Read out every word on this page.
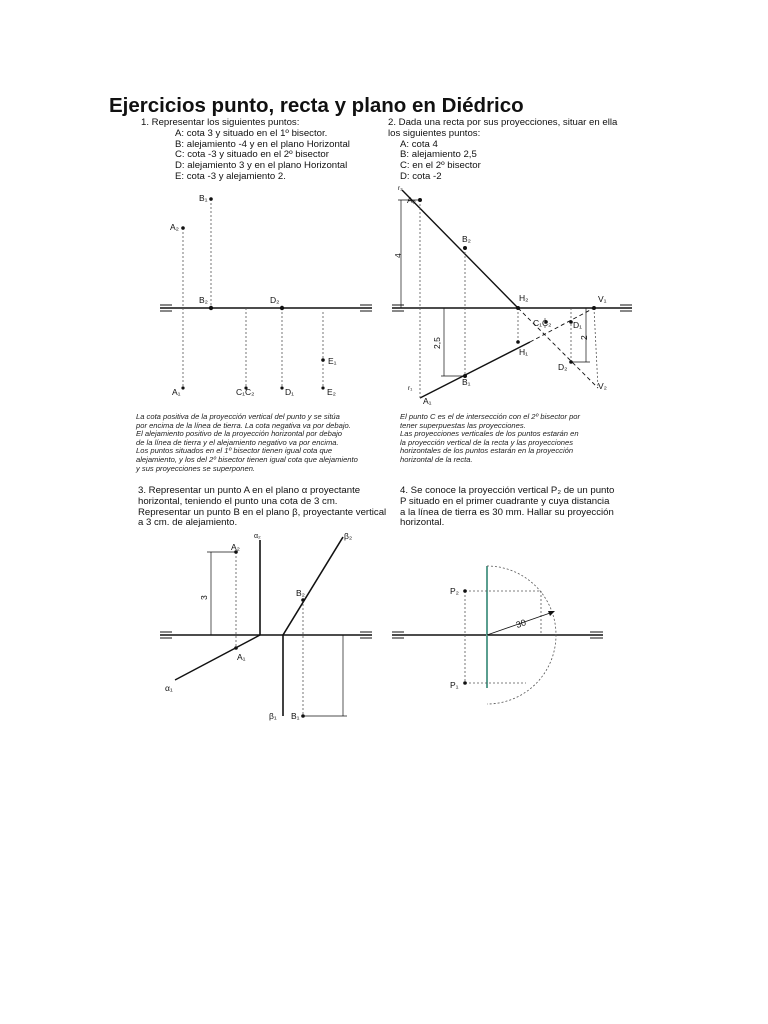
Ejercicios punto, recta y plano en Diédrico
1. Representar los siguientes puntos:
A: cota 3 y situado en el 1º bisector.
B: alejamiento -4 y en el plano Horizontal
C: cota -3 y situado en el 2º bisector
D: alejamiento 3 y en el plano Horizontal
E: cota -3 y alejamiento 2.
2. Dada una recta por sus proyecciones, situar en ella
los siguientes puntos:
A: cota 4
B: alejamiento 2,5
C: en el 2º bisector
D: cota -2
La cota positiva de la proyección vertical del punto y se sitúa
por encima de la línea de tierra. La cota negativa va por debajo.
El alejamiento positivo de la proyección horizontal por debajo
de la línea de tierra y el alejamiento negativo va por encima.
Los puntos situados en el 1º bisector tienen igual cota que
alejamiento, y los del 2º bisector tienen igual cota que alejamiento
y sus proyecciones se superponen.
El punto C es el de intersección con el 2º bisector por
tener superpuestas las proyecciones.
Las proyecciones verticales de los puntos estarán en
la proyección vertical de la recta y las proyecciones
horizontales de los puntos estarán en la proyección
horizontal de la recta.
3. Representar un punto A en el plano α proyectante
horizontal, teniendo el punto una cota de 3 cm.
Representar un punto B en el plano β, proyectante vertical
a 3 cm. de alejamiento.
4. Se conoce la proyección vertical P₂ de un punto
P situado en el primer cuadrante y cuya distancia
a la línea de tierra es 30 mm. Hallar su proyección
horizontal.
B₁
A₂
B₂	D₂
E₁
A₁	C₁C₂	D₁	E₂
r₂
A₂
B₂
H₂	V₁
C₁C₂	D₁
H₁
D₂
B₁
r₁
A₁
V₂
4
2,5	2
α₂
A₂
β₂
B₂
A₁
α₁
β₁ B₁
3
P₂
P₁
30
